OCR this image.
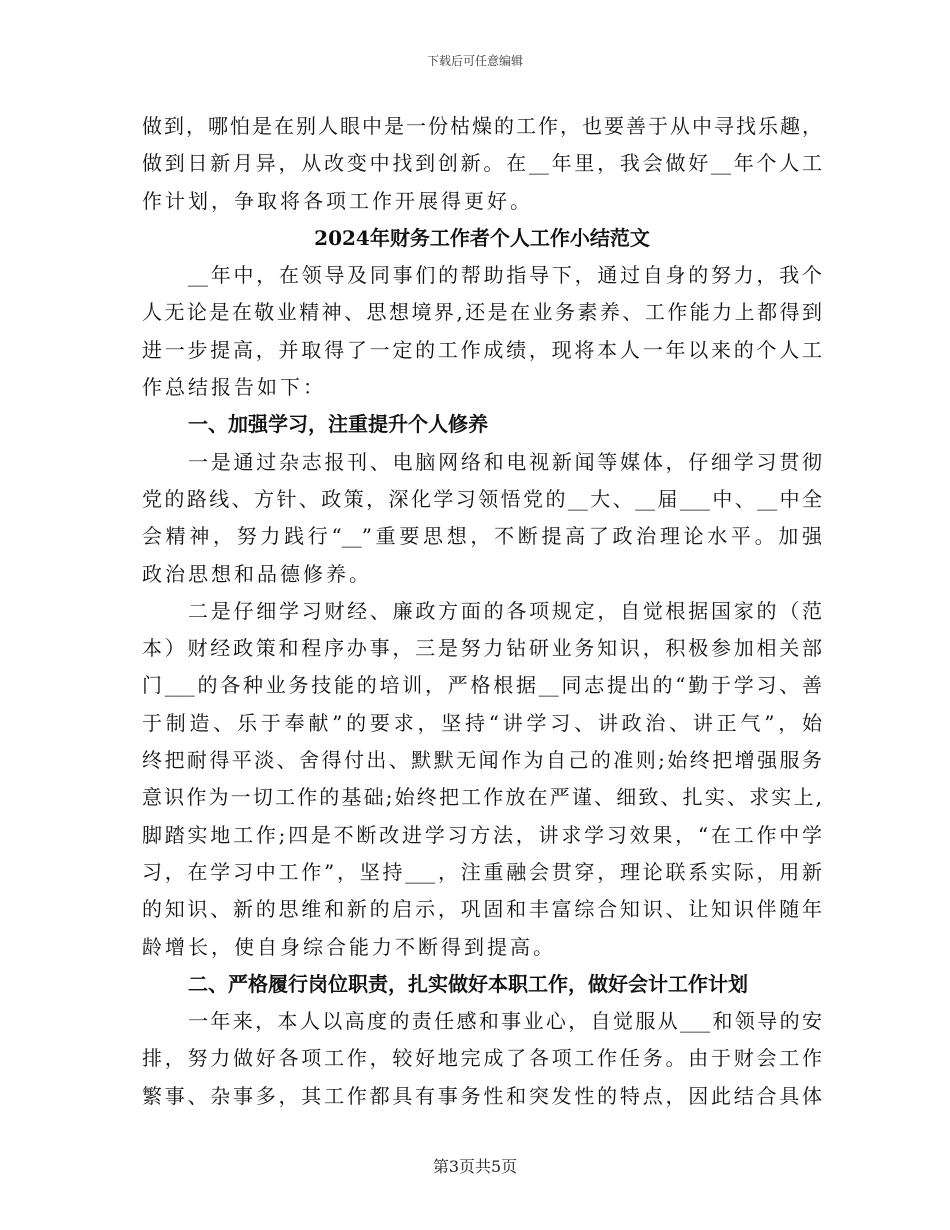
下载后可任意编辑
做到，哪怕是在别人眼中是一份枯燥的工作，也要善于从中寻找乐趣，
做到日新月异，从改变中找到创新。在__年里，我会做好__年个人工
作计划，争取将各项工作开展得更好。
2024年财务工作者个人工作小结范文
__年中，在领导及同事们的帮助指导下，通过自身的努力，我个
人无论是在敬业精神、思想境界,还是在业务素养、工作能力上都得到
进一步提高，并取得了一定的工作成绩，现将本人一年以来的个人工
作总结报告如下：
一、加强学习，注重提升个人修养
一是通过杂志报刊、电脑网络和电视新闻等媒体，仔细学习贯彻
党的路线、方针、政策，深化学习领悟党的__大、__届___中、__中全
会精神，努力践行“__”重要思想，不断提高了政治理论水平。加强
政治思想和品德修养。
二是仔细学习财经、廉政方面的各项规定，自觉根据国家的（范
本）财经政策和程序办事，三是努力钻研业务知识，积极参加相关部
门___的各种业务技能的培训，严格根据__同志提出的“勤于学习、善
于制造、乐于奉献”的要求，坚持“讲学习、讲政治、讲正气”，始
终把耐得平淡、舍得付出、默默无闻作为自己的准则;始终把增强服务
意识作为一切工作的基础;始终把工作放在严谨、细致、扎实、求实上,
脚踏实地工作;四是不断改进学习方法，讲求学习效果，“在工作中学
习，在学习中工作”，坚持___，注重融会贯穿，理论联系实际，用新
的知识、新的思维和新的启示，巩固和丰富综合知识、让知识伴随年
龄增长，使自身综合能力不断得到提高。
二、严格履行岗位职责，扎实做好本职工作，做好会计工作计划
一年来，本人以高度的责任感和事业心，自觉服从___和领导的安
排，努力做好各项工作，较好地完成了各项工作任务。由于财会工作
繁事、杂事多，其工作都具有事务性和突发性的特点，因此结合具体
第3页共5页
